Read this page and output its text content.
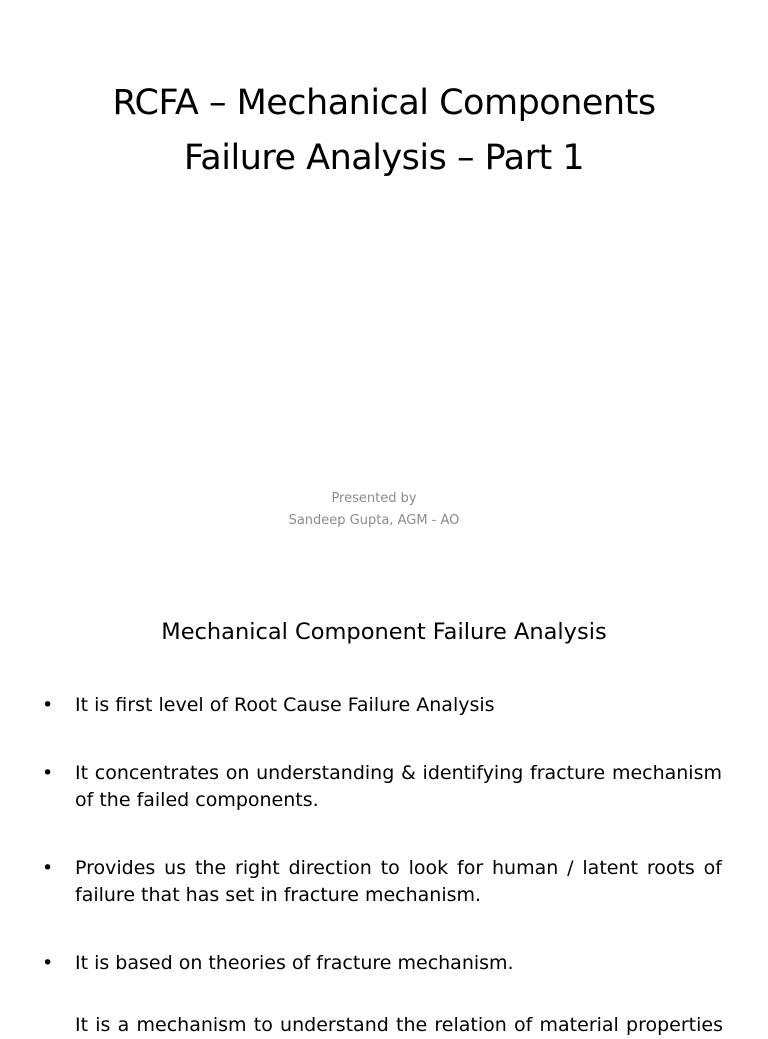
RCFA – Mechanical Components
Failure Analysis – Part 1
Presented by
Sandeep Gupta, AGM - AO
Mechanical Component Failure Analysis
•	It is first level of Root Cause Failure Analysis
•	It concentrates on understanding & identifying fracture mechanism of the failed components.
•	Provides us the right direction to look for human / latent roots of failure that has set in fracture mechanism.
•	It is based on theories of fracture mechanism.
It is a mechanism to understand the relation of material properties
